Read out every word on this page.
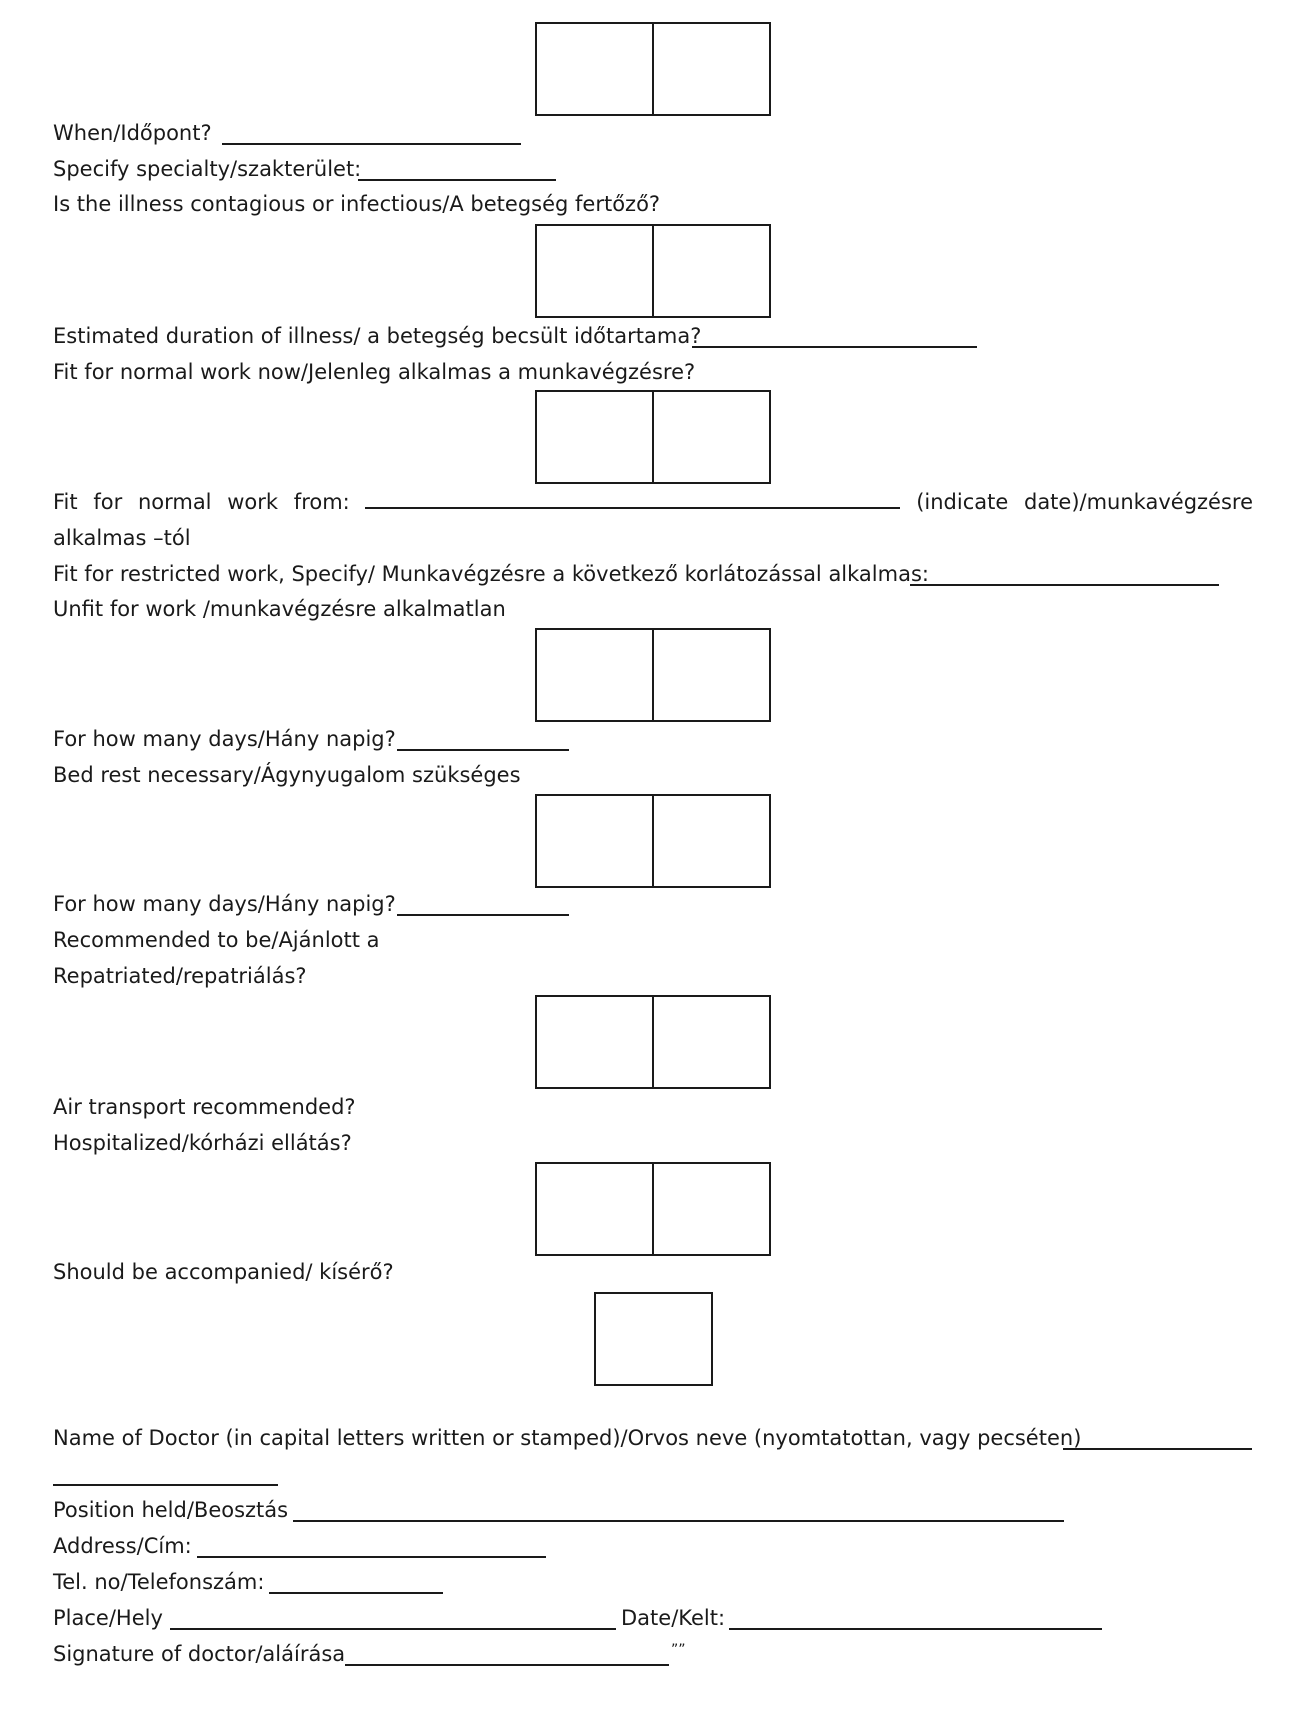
When/Időpont?

Specify specialty/szakterület:

Is the illness contagious or infectious/A betegség fertőző?

Estimated duration of illness/ a betegség becsült időtartama?

Fit for normal work now/Jelenleg alkalmas a munkavégzésre?

Fit for normal work from:	(indicate date)/munkavégzésre

alkalmas –tól

Fit for restricted work, Specify/ Munkavégzésre a következő korlátozással alkalmas:

Unfit for work /munkavégzésre alkalmatlan

For how many days/Hány napig?

Bed rest necessary/Ágynyugalom szükséges

For how many days/Hány napig?

Recommended to be/Ajánlott a

Repatriated/repatriálás?

Air transport recommended?

Hospitalized/kórházi ellátás?

Should be accompanied/ kísérő?

Name of Doctor (in capital letters written or stamped)/Orvos neve (nyomtatottan, vagy pecséten)

Position held/Beosztás

Address/Cím:

Tel. no/Telefonszám:

Place/Hely	Date/Kelt:

Signature of doctor/aláírása	””
